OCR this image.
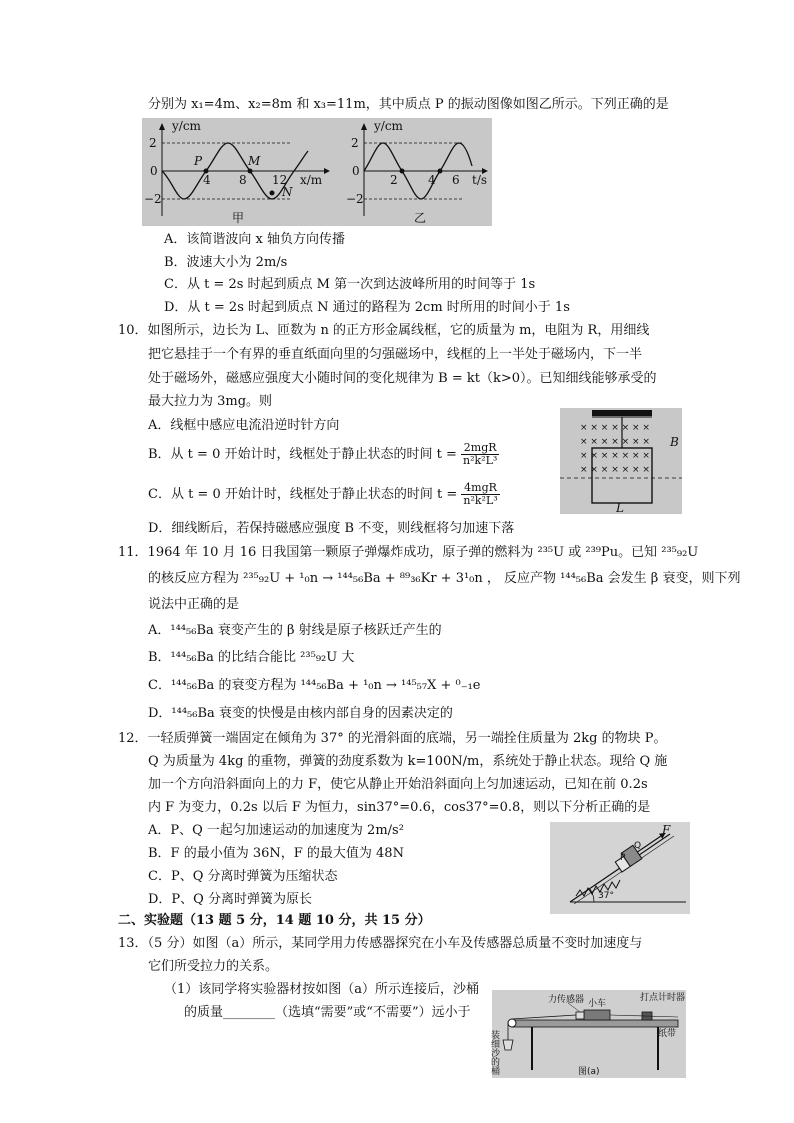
分别为 x₁=4m、x₂=8m 和 x₃=11m，其中质点 P 的振动图像如图乙所示。下列正确的是
y/cm
x/m
2
0
−2
4 8 12
P	M
N
甲
y/cm
t/s
2
0
−2
2	4 6
乙
A．该简谐波向 x 轴负方向传播
B．波速大小为 2m/s
C．从 t = 2s 时起到质点 M 第一次到达波峰所用的时间等于 1s
D．从 t = 2s 时起到质点 N 通过的路程为 2cm 时所用的时间小于 1s
10．如图所示，边长为 L、匝数为 n 的正方形金属线框，它的质量为 m，电阻为 R，用细线
把它悬挂于一个有界的垂直纸面向里的匀强磁场中，线框的上一半处于磁场内，下一半
处于磁场外，磁感应强度大小随时间的变化规律为 B = kt（k>0）。已知细线能够承受的
最大拉力为 3mg。则
A．线框中感应电流沿逆时针方向
B．从 t = 0 开始计时，线框处于静止状态的时间 $t = \frac{\text{2mgR}}{\text{n²k²L³}}$
C．从 t = 0 开始计时，线框处于静止状态的时间 $t = \frac{\text{4mgR}}{\text{n²k²L³}}$
D．细线断后，若保持磁感应强度 B 不变，则线框将匀加速下落
× × × × × × ×
× × × × × × ×
× × × × × × ×
× × × × × × ×
B
L
11．1964 年 10 月 16 日我国第一颗原子弹爆炸成功，原子弹的燃料为 ²³⁵U 或 ²³⁹Pu。已知 ²³⁵₉₂U
的核反应方程为 ²³⁵₉₂U + ¹₀n → ¹⁴⁴₅₆Ba + ⁸⁹₃₆Kr + 3¹₀n ， 反应产物 ¹⁴⁴₅₆Ba 会发生 β 衰变，则下列
说法中正确的是
A．¹⁴⁴₅₆Ba 衰变产生的 β 射线是原子核跃迁产生的
B．¹⁴⁴₅₆Ba 的比结合能比 ²³⁵₉₂U 大
C．¹⁴⁴₅₆Ba 的衰变方程为 ¹⁴⁴₅₆Ba + ¹₀n → ¹⁴⁵₅₇X + ⁰₋₁e
D．¹⁴⁴₅₆Ba 衰变的快慢是由核内部自身的因素决定的
12．一轻质弹簧一端固定在倾角为 37° 的光滑斜面的底端，另一端拴住质量为 2kg 的物块 P。
Q 为质量为 4kg 的重物，弹簧的劲度系数为 k=100N/m，系统处于静止状态。现给 Q 施
加一个方向沿斜面向上的力 F，使它从静止开始沿斜面向上匀加速运动，已知在前 0.2s
内 F 为变力，0.2s 以后 F 为恒力，sin37°=0.6，cos37°=0.8，则以下分析正确的是
A．P、Q 一起匀加速运动的加速度为 2m/s²
B．F 的最小值为 36N，F 的最大值为 48N
C．P、Q 分离时弹簧为压缩状态
D．P、Q 分离时弹簧为原长	37°
P
Q
F
二、实验题（13 题 5 分，14 题 10 分，共 15 分）
13．（5 分）如图（a）所示，某同学用力传感器探究在小车及传感器总质量不变时加速度与
它们所受拉力的关系。
（1）该同学将实验器材按如图（a）所示连接后，沙桶
的质量________（选填“需要”或“不需要”）远小于
力传感器 小车
打点计时器
纸带
装细沙的桶	图(a)
